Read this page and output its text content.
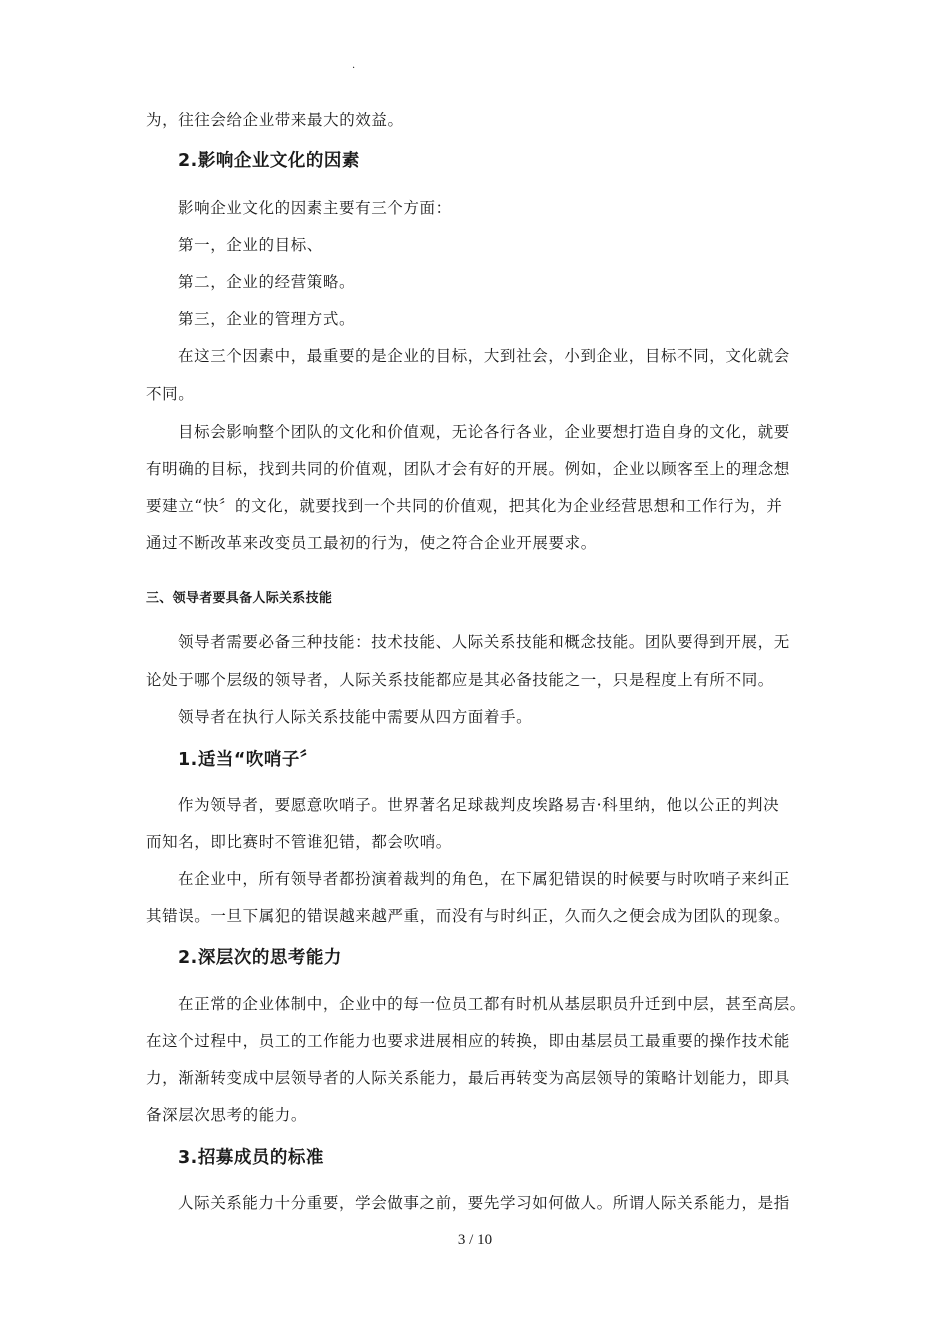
.
为，往往会给企业带来最大的效益。
2.影响企业文化的因素
影响企业文化的因素主要有三个方面：
第一，企业的目标、
第二，企业的经营策略。
第三，企业的管理方式。
在这三个因素中，最重要的是企业的目标，大到社会，小到企业，目标不同，文化就会
不同。
目标会影响整个团队的文化和价值观，无论各行各业，企业要想打造自身的文化，就要
有明确的目标，找到共同的价值观，团队才会有好的开展。例如，企业以顾客至上的理念想
要建立“快〞的文化，就要找到一个共同的价值观，把其化为企业经营思想和工作行为，并
通过不断改革来改变员工最初的行为，使之符合企业开展要求。
三、领导者要具备人际关系技能
领导者需要必备三种技能：技术技能、人际关系技能和概念技能。团队要得到开展，无
论处于哪个层级的领导者，人际关系技能都应是其必备技能之一，只是程度上有所不同。
领导者在执行人际关系技能中需要从四方面着手。
1.适当“吹哨子〞
作为领导者，要愿意吹哨子。世界著名足球裁判皮埃路易吉·科里纳，他以公正的判决
而知名，即比赛时不管谁犯错，都会吹哨。
在企业中，所有领导者都扮演着裁判的角色，在下属犯错误的时候要与时吹哨子来纠正
其错误。一旦下属犯的错误越来越严重，而没有与时纠正，久而久之便会成为团队的现象。
2.深层次的思考能力
在正常的企业体制中，企业中的每一位员工都有时机从基层职员升迁到中层，甚至高层。
在这个过程中，员工的工作能力也要求进展相应的转换，即由基层员工最重要的操作技术能
力，渐渐转变成中层领导者的人际关系能力，最后再转变为高层领导的策略计划能力，即具
备深层次思考的能力。
3.招募成员的标准
人际关系能力十分重要，学会做事之前，要先学习如何做人。所谓人际关系能力，是指
3 / 10
